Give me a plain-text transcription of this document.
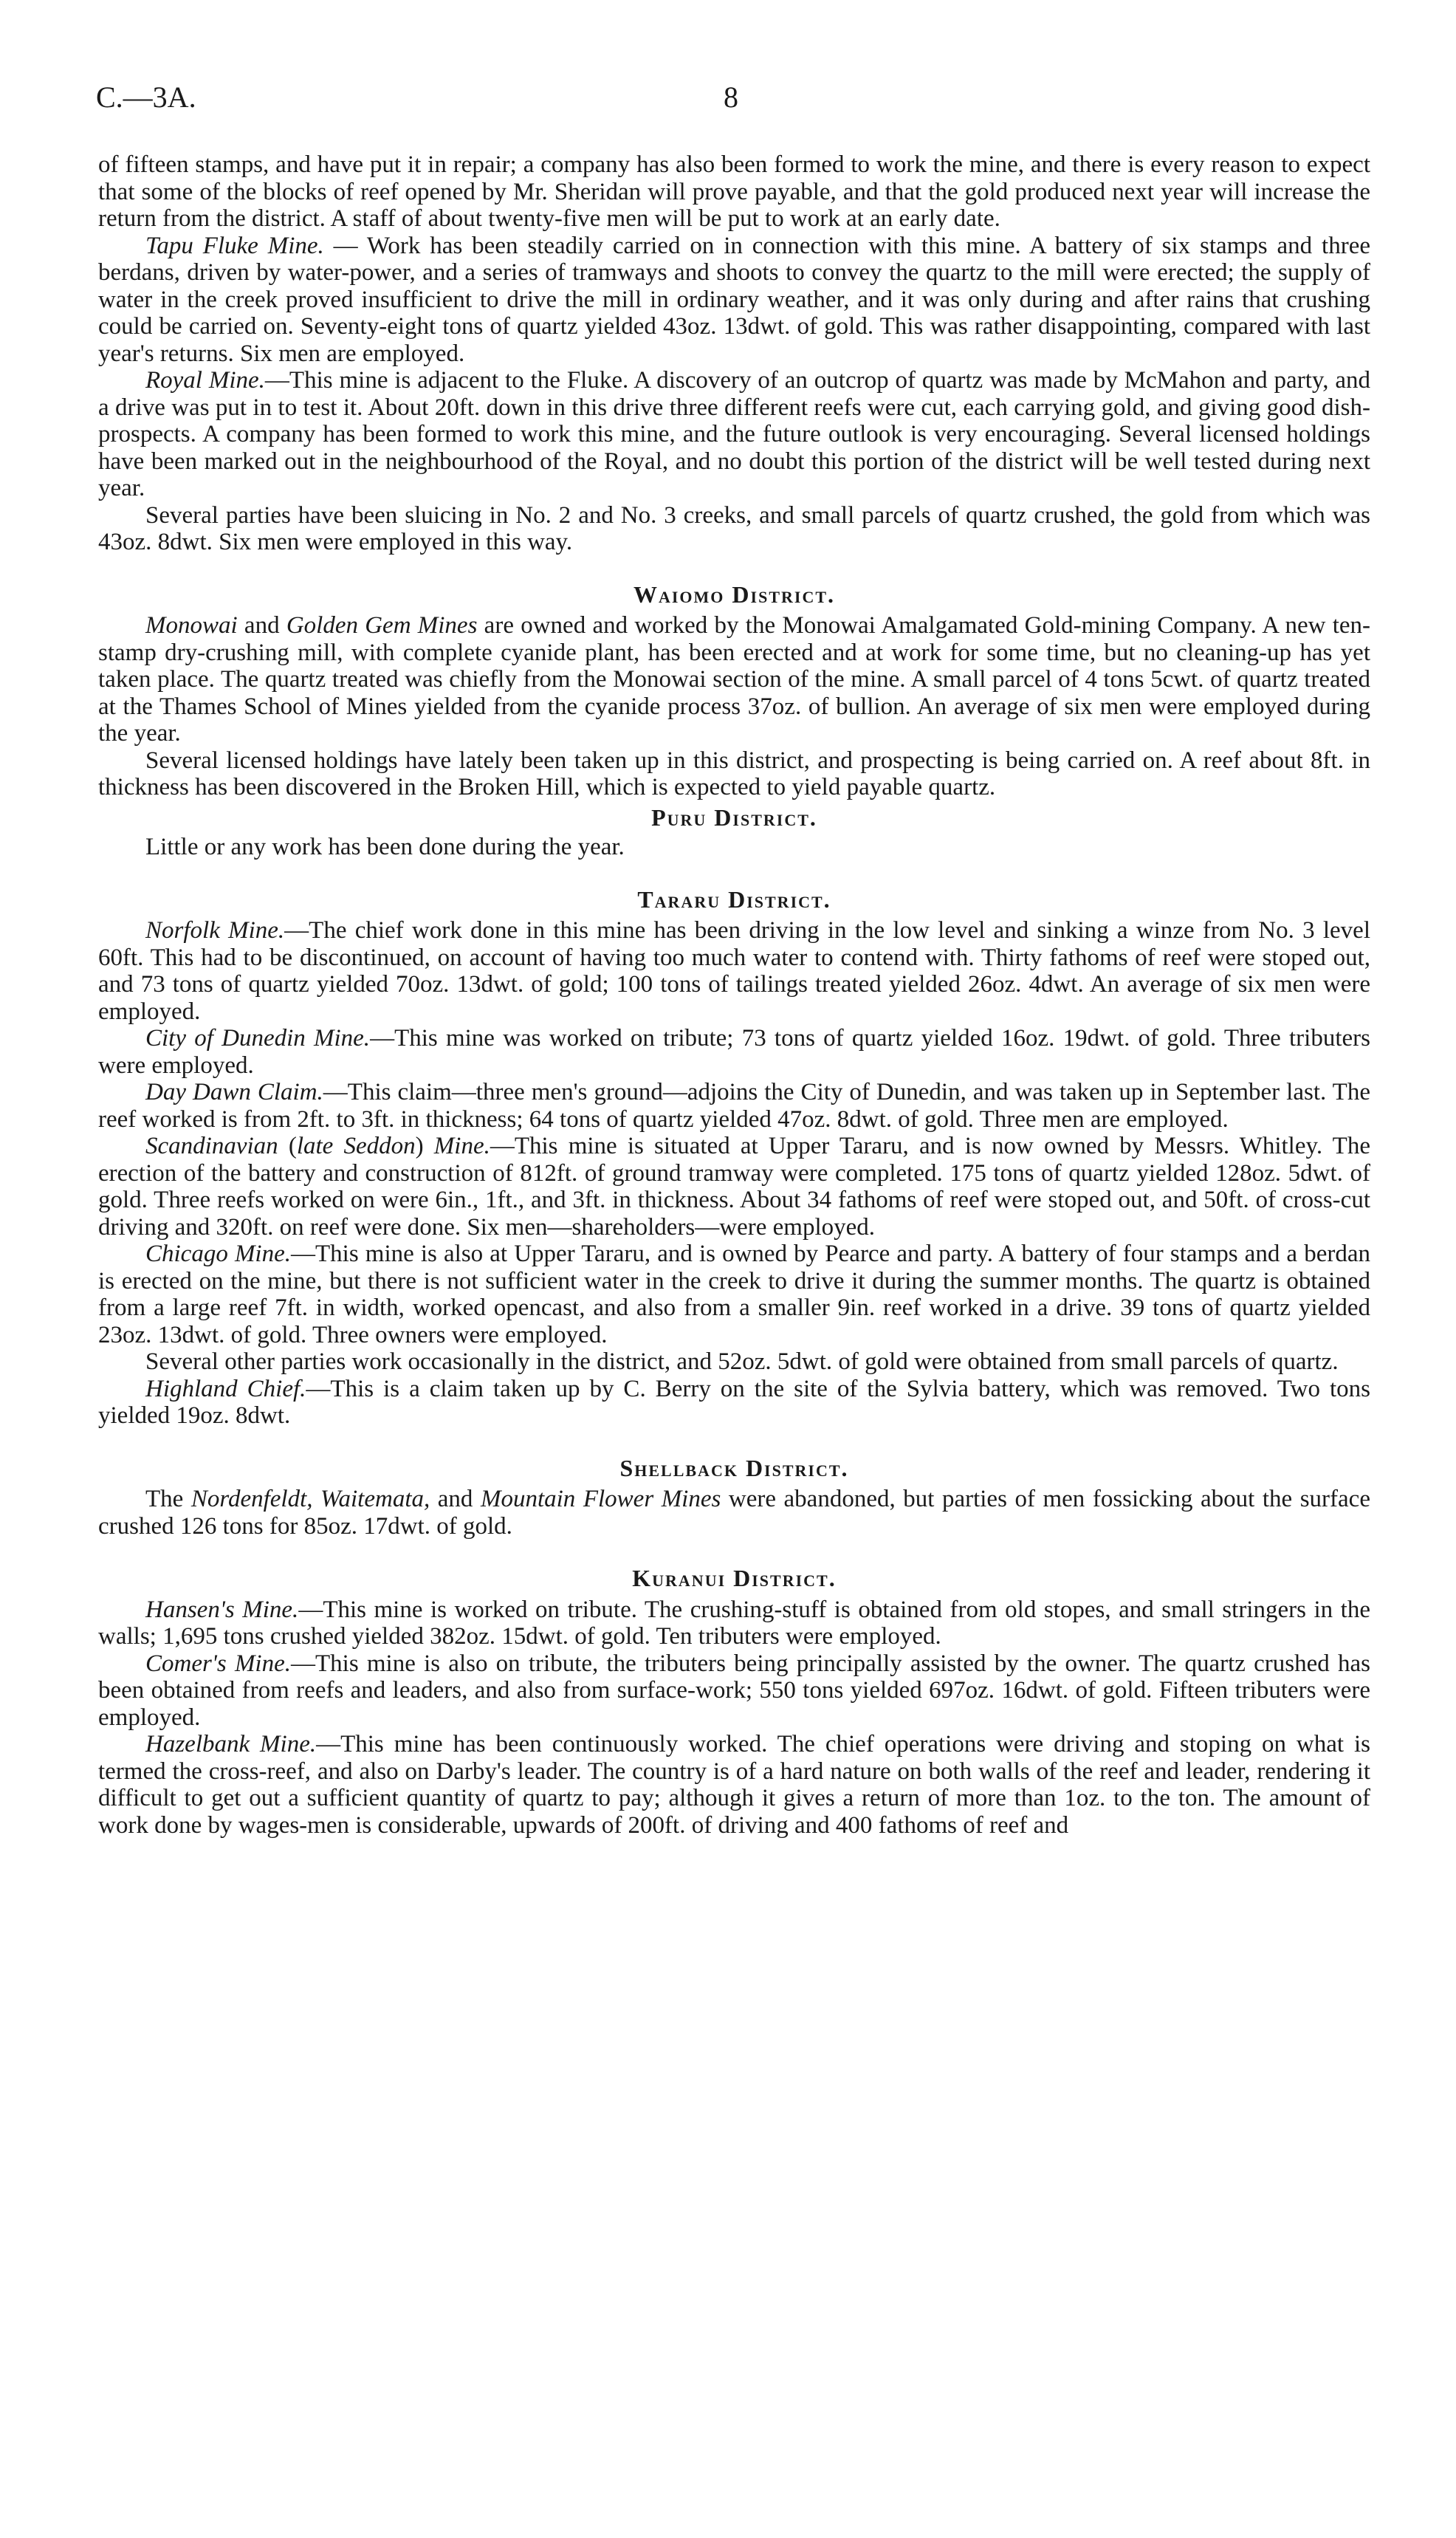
C.—3A.	8

of fifteen stamps, and have put it in repair; a company has also been formed to work the mine, and there is every reason to expect that some of the blocks of reef opened by Mr. Sheridan will prove payable, and that the gold produced next year will increase the return from the district. A staff of about twenty-five men will be put to work at an early date.

Tapu Fluke Mine. — Work has been steadily carried on in connection with this mine. A battery of six stamps and three berdans, driven by water-power, and a series of tramways and shoots to convey the quartz to the mill were erected; the supply of water in the creek proved insufficient to drive the mill in ordinary weather, and it was only during and after rains that crushing could be carried on. Seventy-eight tons of quartz yielded 43oz. 13dwt. of gold. This was rather disappointing, compared with last year's returns. Six men are employed.

Royal Mine.—This mine is adjacent to the Fluke. A discovery of an outcrop of quartz was made by McMahon and party, and a drive was put in to test it. About 20ft. down in this drive three different reefs were cut, each carrying gold, and giving good dish-prospects. A company has been formed to work this mine, and the future outlook is very encouraging. Several licensed holdings have been marked out in the neighbourhood of the Royal, and no doubt this portion of the district will be well tested during next year.

Several parties have been sluicing in No. 2 and No. 3 creeks, and small parcels of quartz crushed, the gold from which was 43oz. 8dwt. Six men were employed in this way.

Waiomo District.

Monowai and Golden Gem Mines are owned and worked by the Monowai Amalgamated Gold-mining Company. A new ten-stamp dry-crushing mill, with complete cyanide plant, has been erected and at work for some time, but no cleaning-up has yet taken place. The quartz treated was chiefly from the Monowai section of the mine. A small parcel of 4 tons 5cwt. of quartz treated at the Thames School of Mines yielded from the cyanide process 37oz. of bullion. An average of six men were employed during the year.

Several licensed holdings have lately been taken up in this district, and prospecting is being carried on. A reef about 8ft. in thickness has been discovered in the Broken Hill, which is expected to yield payable quartz.

Puru District.

Little or any work has been done during the year.

Tararu District.

Norfolk Mine.—The chief work done in this mine has been driving in the low level and sinking a winze from No. 3 level 60ft. This had to be discontinued, on account of having too much water to contend with. Thirty fathoms of reef were stoped out, and 73 tons of quartz yielded 70oz. 13dwt. of gold; 100 tons of tailings treated yielded 26oz. 4dwt. An average of six men were employed.

City of Dunedin Mine.—This mine was worked on tribute; 73 tons of quartz yielded 16oz. 19dwt. of gold. Three tributers were employed.

Day Dawn Claim.—This claim—three men's ground—adjoins the City of Dunedin, and was taken up in September last. The reef worked is from 2ft. to 3ft. in thickness; 64 tons of quartz yielded 47oz. 8dwt. of gold. Three men are employed.

Scandinavian (late Seddon) Mine.—This mine is situated at Upper Tararu, and is now owned by Messrs. Whitley. The erection of the battery and construction of 812ft. of ground tramway were completed. 175 tons of quartz yielded 128oz. 5dwt. of gold. Three reefs worked on were 6in., 1ft., and 3ft. in thickness. About 34 fathoms of reef were stoped out, and 50ft. of cross-cut driving and 320ft. on reef were done. Six men—shareholders—were employed.

Chicago Mine.—This mine is also at Upper Tararu, and is owned by Pearce and party. A battery of four stamps and a berdan is erected on the mine, but there is not sufficient water in the creek to drive it during the summer months. The quartz is obtained from a large reef 7ft. in width, worked opencast, and also from a smaller 9in. reef worked in a drive. 39 tons of quartz yielded 23oz. 13dwt. of gold. Three owners were employed.

Several other parties work occasionally in the district, and 52oz. 5dwt. of gold were obtained from small parcels of quartz.

Highland Chief.—This is a claim taken up by C. Berry on the site of the Sylvia battery, which was removed. Two tons yielded 19oz. 8dwt.

Shellback District.

The Nordenfeldt, Waitemata, and Mountain Flower Mines were abandoned, but parties of men fossicking about the surface crushed 126 tons for 85oz. 17dwt. of gold.

Kuranui District.

Hansen's Mine.—This mine is worked on tribute. The crushing-stuff is obtained from old stopes, and small stringers in the walls; 1,695 tons crushed yielded 382oz. 15dwt. of gold. Ten tributers were employed.

Comer's Mine.—This mine is also on tribute, the tributers being principally assisted by the owner. The quartz crushed has been obtained from reefs and leaders, and also from surface-work; 550 tons yielded 697oz. 16dwt. of gold. Fifteen tributers were employed.

Hazelbank Mine.—This mine has been continuously worked. The chief operations were driving and stoping on what is termed the cross-reef, and also on Darby's leader. The country is of a hard nature on both walls of the reef and leader, rendering it difficult to get out a sufficient quantity of quartz to pay; although it gives a return of more than 1oz. to the ton. The amount of work done by wages-men is considerable, upwards of 200ft. of driving and 400 fathoms of reef and
